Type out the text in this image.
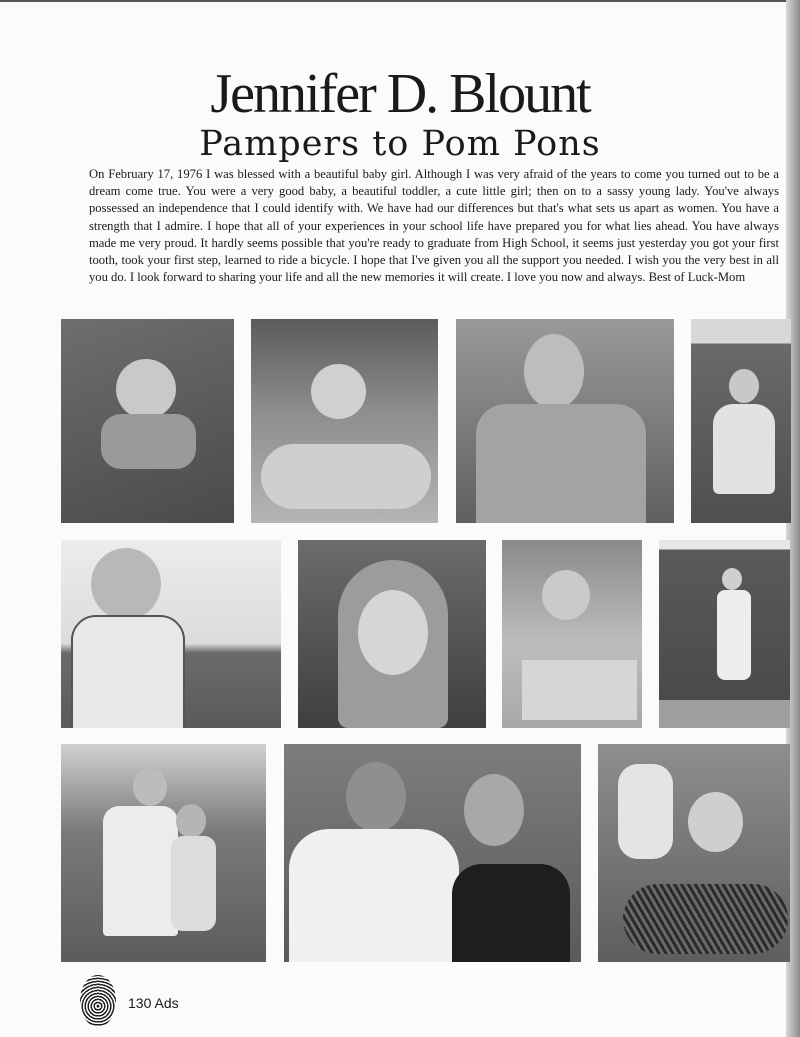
Jennifer D. Blount
Pampers to Pom Pons
On February 17, 1976 I was blessed with a beautiful baby girl. Although I was very afraid of the years to come you turned out to be a dream come true. You were a very good baby, a beautiful toddler, a cute little girl; then on to a sassy young lady. You've always possessed an independence that I could identify with. We have had our differences but that's what sets us apart as women. You have a strength that I admire. I hope that all of your experiences in your school life have prepared you for what lies ahead. You have always made me very proud. It hardly seems possible that you're ready to graduate from High School, it seems just yesterday you got your first tooth, took your first step, learned to ride a bicycle. I hope that I've given you all the support you needed. I wish you the very best in all you do. I look forward to sharing your life and all the new memories it will create. I love you now and always. Best of Luck-Mom
130 Ads
